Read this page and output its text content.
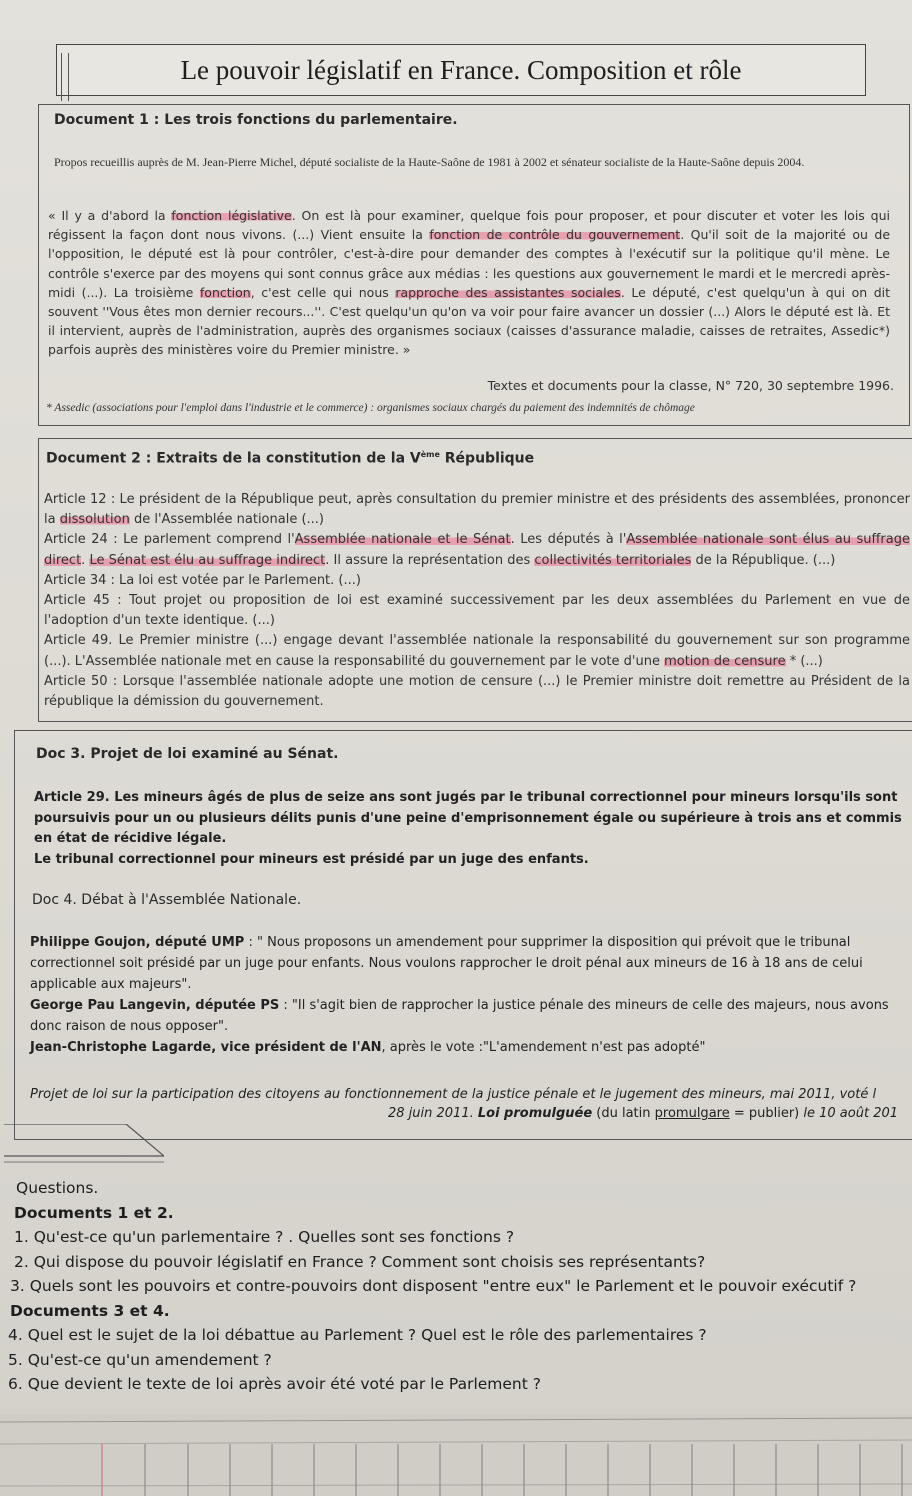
Le pouvoir législatif en France. Composition et rôle
Document 1 : Les trois fonctions du parlementaire.
Propos recueillis auprès de M. Jean-Pierre Michel, député socialiste de la Haute-Saône de 1981 à 2002 et sénateur socialiste de la Haute-Saône depuis 2004.
« Il y a d'abord la fonction législative. On est là pour examiner, quelque fois pour proposer, et pour discuter et voter les lois qui régissent la façon dont nous vivons. (...) Vient ensuite la fonction de contrôle du gouvernement. Qu'il soit de la majorité ou de l'opposition, le député est là pour contrôler, c'est-à-dire pour demander des comptes à l'exécutif sur la politique qu'il mène. Le contrôle s'exerce par des moyens qui sont connus grâce aux médias : les questions aux gouvernement le mardi et le mercredi après-midi (...). La troisième fonction, c'est celle qui nous rapproche des assistantes sociales. Le député, c'est quelqu'un à qui on dit souvent ''Vous êtes mon dernier recours...''. C'est quelqu'un qu'on va voir pour faire avancer un dossier (...) Alors le député est là. Et il intervient, auprès de l'administration, auprès des organismes sociaux (caisses d'assurance maladie, caisses de retraites, Assedic*) parfois auprès des ministères voire du Premier ministre. »
Textes et documents pour la classe, N° 720, 30 septembre 1996.
* Assedic (associations pour l'emploi dans l'industrie et le commerce) : organismes sociaux chargés du paiement des indemnités de chômage
Document 2 : Extraits de la constitution de la Vème République

Article 12 : Le président de la République peut, après consultation du premier ministre et des présidents des assemblées, prononcer la dissolution de l'Assemblée nationale (...)

Article 24 : Le parlement comprend l'Assemblée nationale et le Sénat. Les députés à l'Assemblée nationale sont élus au suffrage direct. Le Sénat est élu au suffrage indirect. Il assure la représentation des collectivités territoriales de la République. (...)

Article 34 : La loi est votée par le Parlement. (...)

Article 45 : Tout projet ou proposition de loi est examiné successivement par les deux assemblées du Parlement en vue de l'adoption d'un texte identique. (...)

Article 49. Le Premier ministre (...) engage devant l'assemblée nationale la responsabilité du gouvernement sur son programme (...). L'Assemblée nationale met en cause la responsabilité du gouvernement par le vote d'une motion de censure * (...)

Article 50 : Lorsque l'assemblée nationale adopte une motion de censure (...) le Premier ministre doit remettre au Président de la république la démission du gouvernement.

Doc 3. Projet de loi examiné au Sénat.

Article 29. Les mineurs âgés de plus de seize ans sont jugés par le tribunal correctionnel pour mineurs lorsqu'ils sont poursuivis pour un ou plusieurs délits punis d'une peine d'emprisonnement égale ou supérieure à trois ans et commis en état de récidive légale.

Le tribunal correctionnel pour mineurs est présidé par un juge des enfants.

Doc 4. Débat à l'Assemblée Nationale.

Philippe Goujon, député UMP : " Nous proposons un amendement pour supprimer la disposition qui prévoit que le tribunal correctionnel soit présidé par un juge pour enfants. Nous voulons rapprocher le droit pénal aux mineurs de 16 à 18 ans de celui applicable aux majeurs".

George Pau Langevin, députée PS : "Il s'agit bien de rapprocher la justice pénale des mineurs de celle des majeurs, nous avons donc raison de nous opposer".

Jean-Christophe Lagarde, vice président de l'AN, après le vote :"L'amendement n'est pas adopté"

Projet de loi sur la participation des citoyens au fonctionnement de la justice pénale et le jugement des mineurs, mai 2011, voté l
28 juin 2011. Loi promulguée (du latin promulgare = publier) le 10 août 201

Questions.

Documents 1 et 2.

1. Qu'est-ce qu'un parlementaire ? . Quelles sont ses fonctions ?

2. Qui dispose du pouvoir législatif en France ? Comment sont choisis ses représentants?

3. Quels sont les pouvoirs et contre-pouvoirs dont disposent "entre eux" le Parlement et le pouvoir exécutif ?

Documents 3 et 4.

4. Quel est le sujet de la loi débattue au Parlement ? Quel est le rôle des parlementaires ?

5. Qu'est-ce qu'un amendement ?

6. Que devient le texte de loi après avoir été voté par le Parlement ?
